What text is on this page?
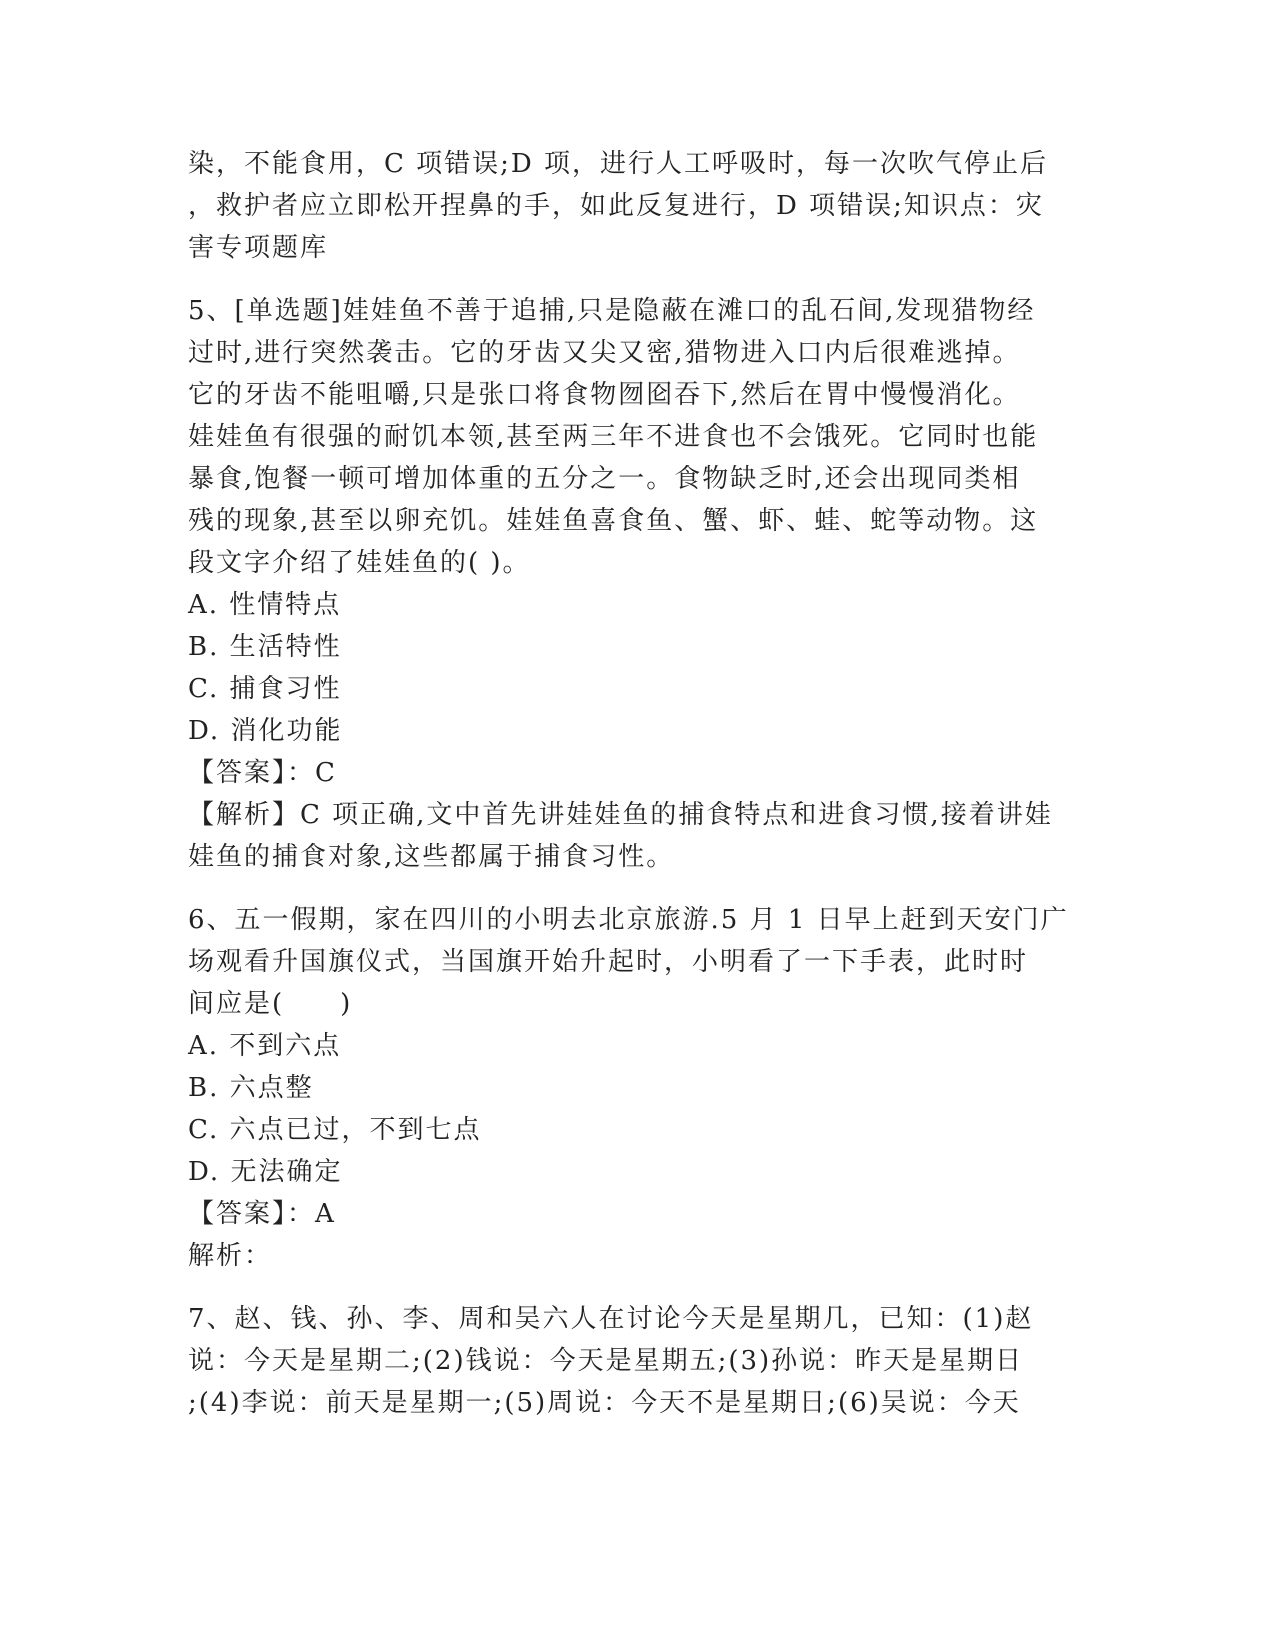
染，不能食用，C 项错误;D 项，进行人工呼吸时，每一次吹气停止后
，救护者应立即松开捏鼻的手，如此反复进行，D 项错误;知识点：灾
害专项题库
5、[单选题]娃娃鱼不善于追捕,只是隐蔽在滩口的乱石间,发现猎物经
过时,进行突然袭击。它的牙齿又尖又密,猎物进入口内后很难逃掉。
它的牙齿不能咀嚼,只是张口将食物囫囵吞下,然后在胃中慢慢消化。
娃娃鱼有很强的耐饥本领,甚至两三年不进食也不会饿死。它同时也能
暴食,饱餐一顿可增加体重的五分之一。食物缺乏时,还会出现同类相
残的现象,甚至以卵充饥。娃娃鱼喜食鱼、蟹、虾、蛙、蛇等动物。这
段文字介绍了娃娃鱼的( )。
A. 性情特点
B. 生活特性
C. 捕食习性
D. 消化功能
【答案】：C
【解析】C 项正确,文中首先讲娃娃鱼的捕食特点和进食习惯,接着讲娃
娃鱼的捕食对象,这些都属于捕食习性。
6、五一假期，家在四川的小明去北京旅游.5 月 1 日早上赶到天安门广
场观看升国旗仪式，当国旗开始升起时，小明看了一下手表，此时时
间应是(　　)
A. 不到六点
B. 六点整
C. 六点已过，不到七点
D. 无法确定
【答案】：A
解析：
7、赵、钱、孙、李、周和吴六人在讨论今天是星期几，已知：(1)赵
说：今天是星期二;(2)钱说：今天是星期五;(3)孙说：昨天是星期日
;(4)李说：前天是星期一;(5)周说：今天不是星期日;(6)吴说：今天
